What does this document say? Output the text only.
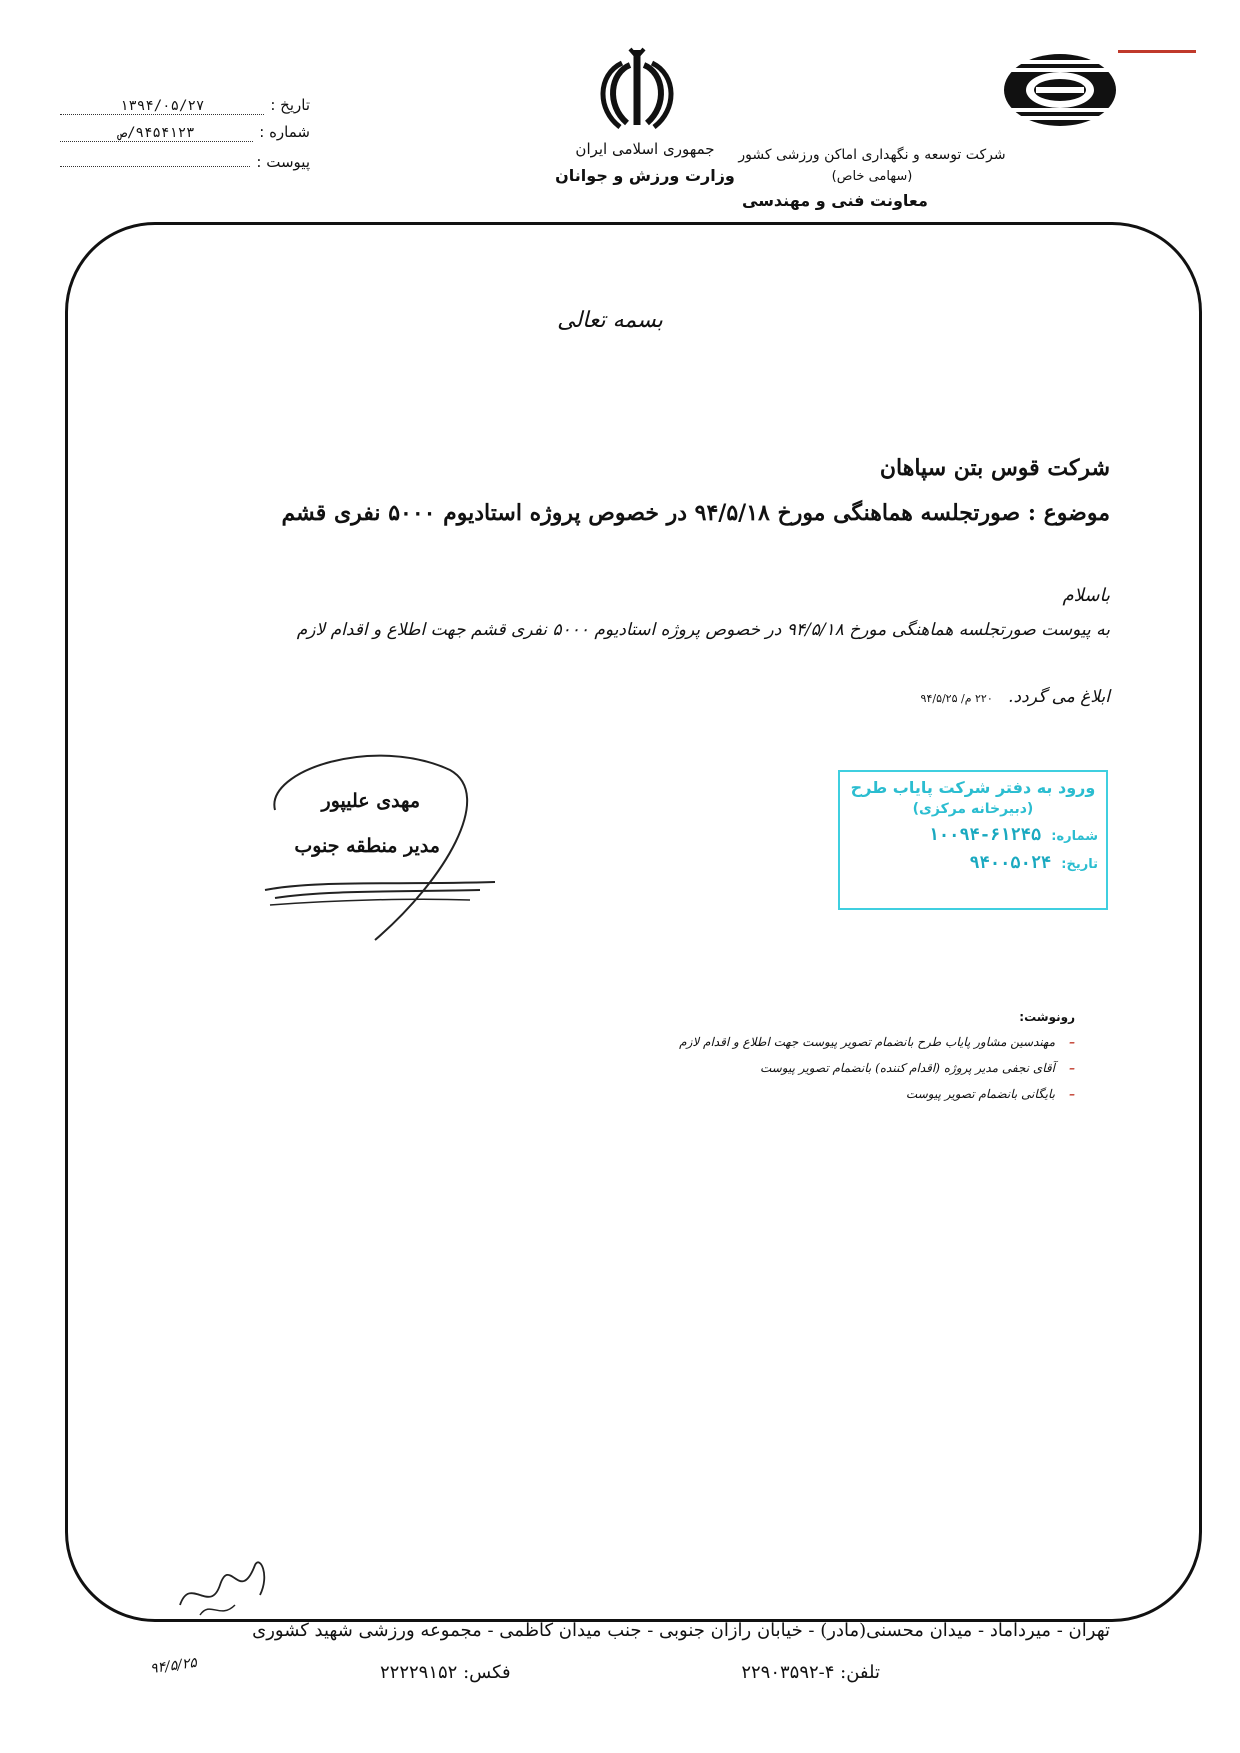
شرکت توسعه و نگهداری اماکن ورزشی کشور
(سهامی خاص)
معاونت فنی و مهندسی
جمهوری اسلامی ایران
وزارت ورزش و جوانان
تاریخ :
۱۳۹۴/۰۵/۲۷
شماره :
۹۴۵۴۱۲۳/ص
پیوست :
بسمه تعالی
شرکت قوس بتن سپاهان
موضوع : صورتجلسه هماهنگی مورخ ۹۴/۵/۱۸ در خصوص پروژه استادیوم ۵۰۰۰ نفری قشم
باسلام
به پیوست صورتجلسه هماهنگی مورخ ۹۴/۵/۱۸ در خصوص پروژه استادیوم ۵۰۰۰ نفری قشم جهت اطلاع و اقدام لازم
ابلاغ می گردد. ۲۲۰ م/ ۹۴/۵/۲۵
مهدی علیپور
مدیر منطقه جنوب
ورود به دفتر شرکت پایاب طرح
(دبیرخانه مرکزی)
شماره:
۱۰۰۹۴-۶۱۲۴۵
تاریخ:
۹۴۰۰۵۰۲۴
رونوشت:
–
مهندسین مشاور پایاب طرح بانضمام تصویر پیوست جهت اطلاع و اقدام لازم
–
آقای نجفی مدیر پروژه (اقدام کننده) بانضمام تصویر پیوست
–
بایگانی بانضمام تصویر پیوست
۹۴/۵/۲۵
تهران - میرداماد - میدان محسنی(مادر) - خیابان رازان جنوبی - جنب میدان کاظمی - مجموعه ورزشی شهید کشوری
تلفن: ۴-۲۲۹۰۳۵۹۲
فکس: ۲۲۲۲۹۱۵۲
